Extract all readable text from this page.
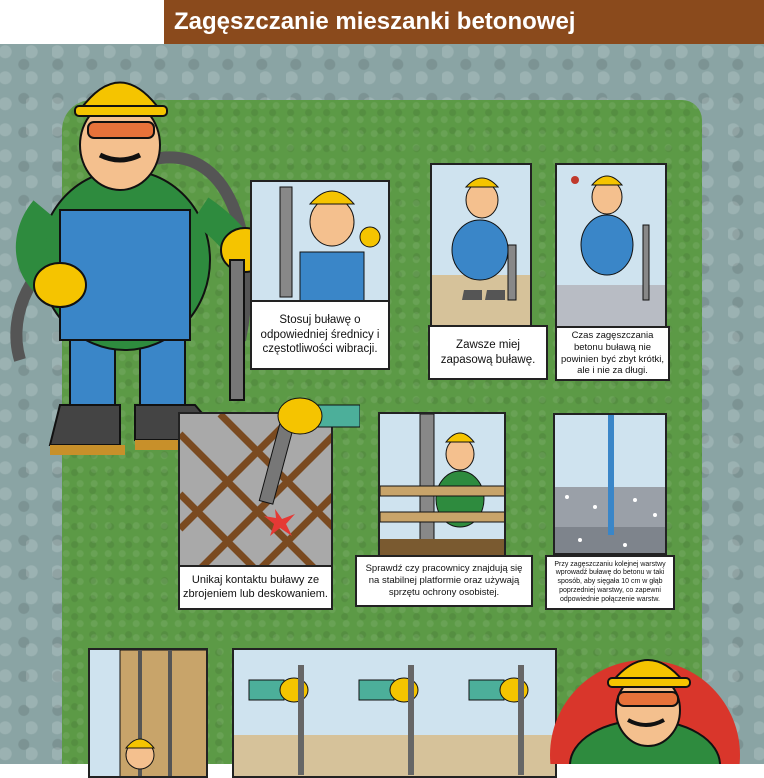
Zagęszczanie mieszanki betonowej
Stosuj buławę o odpowiedniej średnicy i częstotliwości wibracji.	Zawsze miej zapasową buławę.
Czas zagęszczania betonu buławą nie powinien być zbyt krótki, ale i nie za długi.
Unikaj kontaktu buławy ze zbrojeniem lub deskowaniem.
Sprawdź czy pracownicy znajdują się na stabilnej platformie oraz używają sprzętu ochrony osobistej.
Przy zagęszczaniu kolejnej warstwy wprowadź buławę do betonu w taki sposób, aby sięgała 10 cm w głąb poprzedniej warstwy, co zapewni odpowiednie połączenie warstw.
